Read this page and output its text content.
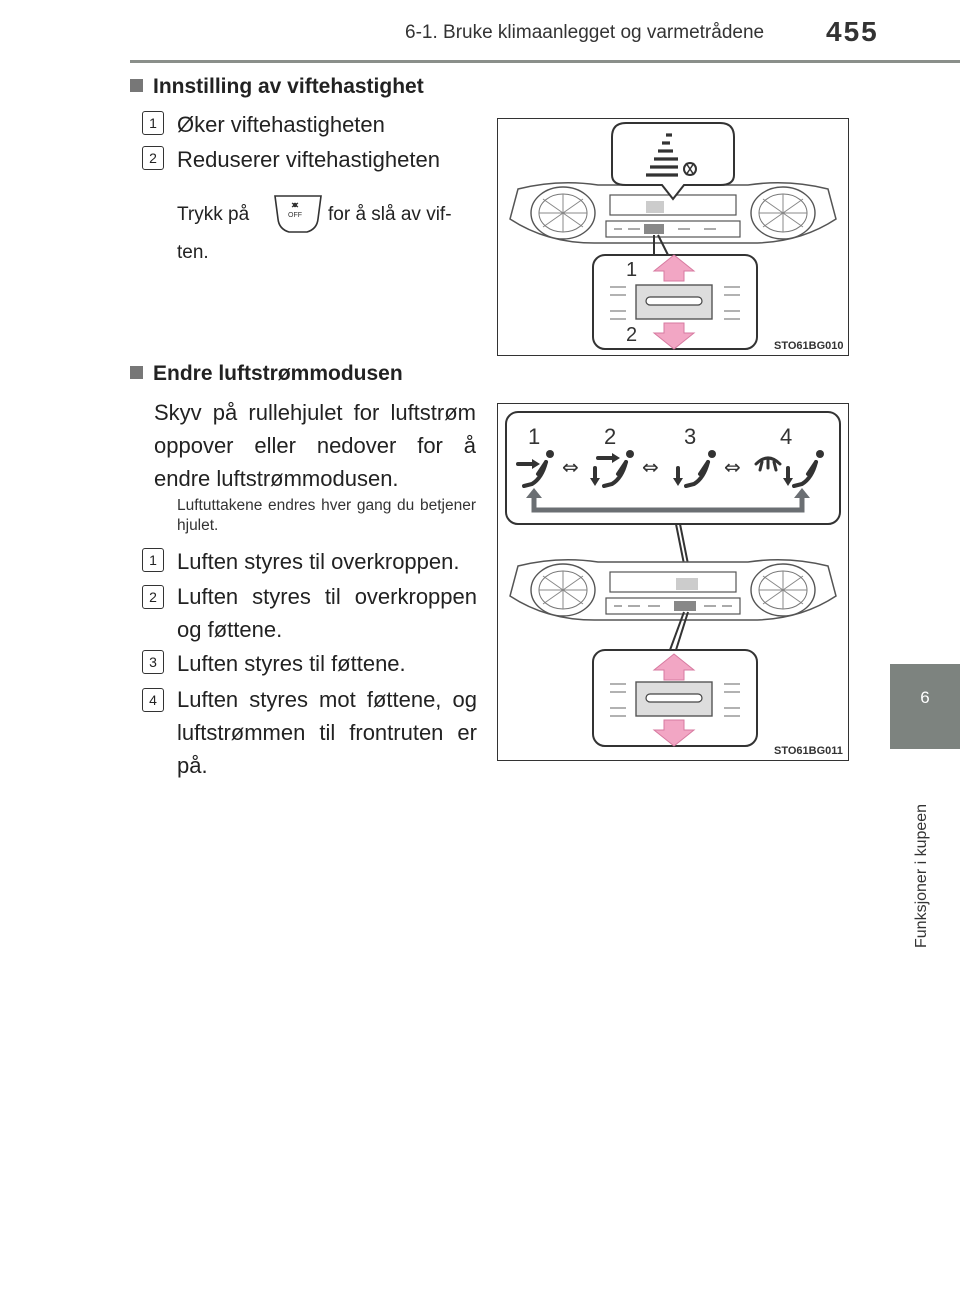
6-1. Bruke klimaanlegget og varmetrådene 455
6
Funksjoner i kupeen
Innstilling av viftehastighet
1 Øker viftehastigheten
2 Reduserer viftehastigheten
Trykk på	OFF for å slå av vif-
ten.
1
2	STO61BG010
Endre luftstrømmodusen
Skyv på rullehjulet for luftstrøm oppover eller nedover for å endre luftstrømmodusen.
Luftuttakene endres hver gang du betjener hjulet.
1 Luften styres til overkroppen.
2 Luften styres til overkroppen og føttene.
3 Luften styres til føttene.
4 Luften styres mot føttene, og luftstrømmen til frontruten er på.
1	2	3	4
⇔	⇔	⇔
STO61BG011
